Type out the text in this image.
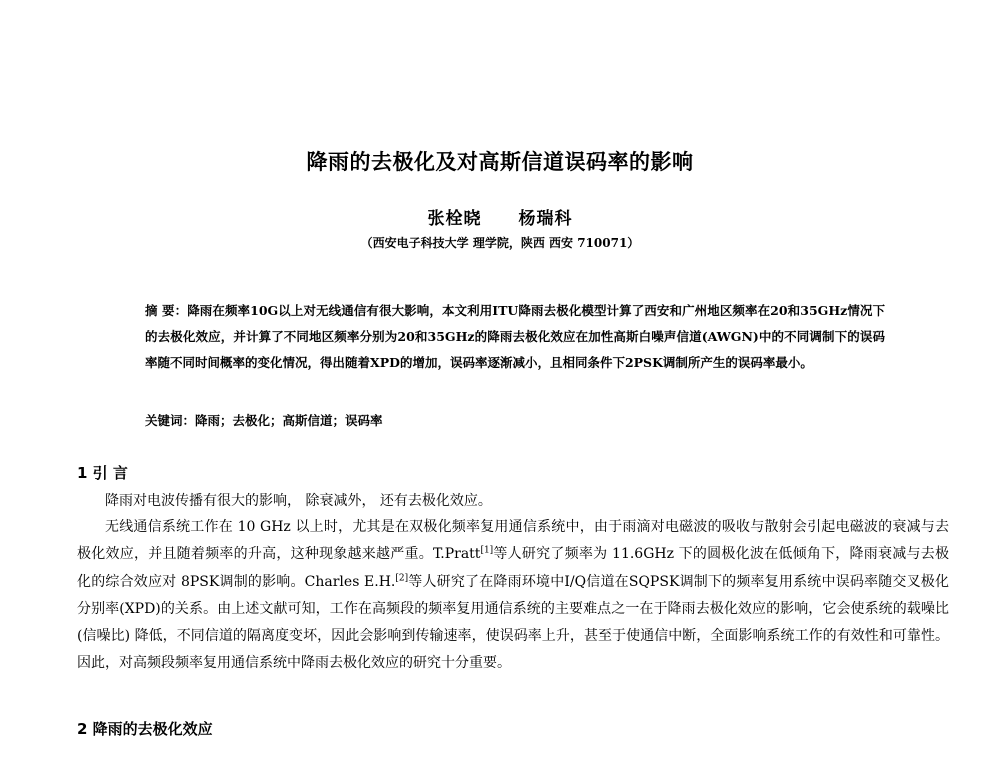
降雨的去极化及对高斯信道误码率的影响
张栓晓 杨瑞科
（西安电子科技大学 理学院，陕西 西安 710071）
摘 要：降雨在频率10G以上对无线通信有很大影响，本文利用ITU降雨去极化模型计算了西安和广州地区频率在20和35GHz情况下的去极化效应，并计算了不同地区频率分别为20和35GHz的降雨去极化效应在加性高斯白噪声信道(AWGN)中的不同调制下的误码率随不同时间概率的变化情况，得出随着XPD的增加，误码率逐渐减小，且相同条件下2PSK调制所产生的误码率最小。
关键词：降雨；去极化；高斯信道；误码率
1 引 言
降雨对电波传播有很大的影响， 除衰减外， 还有去极化效应。
无线通信系统工作在 10 GHz 以上时，尤其是在双极化频率复用通信系统中，由于雨滴对电磁波的吸收与散射会引起电磁波的衰减与去极化效应，并且随着频率的升高，这种现象越来越严重。T.Pratt[1]等人研究了频率为 11.6GHz 下的圆极化波在低倾角下，降雨衰减与去极化的综合效应对 8PSK调制的影响。Charles E.H.[2]等人研究了在降雨环境中I/Q信道在SQPSK调制下的频率复用系统中误码率随交叉极化分别率(XPD)的关系。由上述文献可知，工作在高频段的频率复用通信系统的主要难点之一在于降雨去极化效应的影响，它会使系统的载噪比(信噪比) 降低，不同信道的隔离度变坏，因此会影响到传输速率，使误码率上升，甚至于使通信中断，全面影响系统工作的有效性和可靠性。因此，对高频段频率复用通信系统中降雨去极化效应的研究十分重要。
2 降雨的去极化效应
